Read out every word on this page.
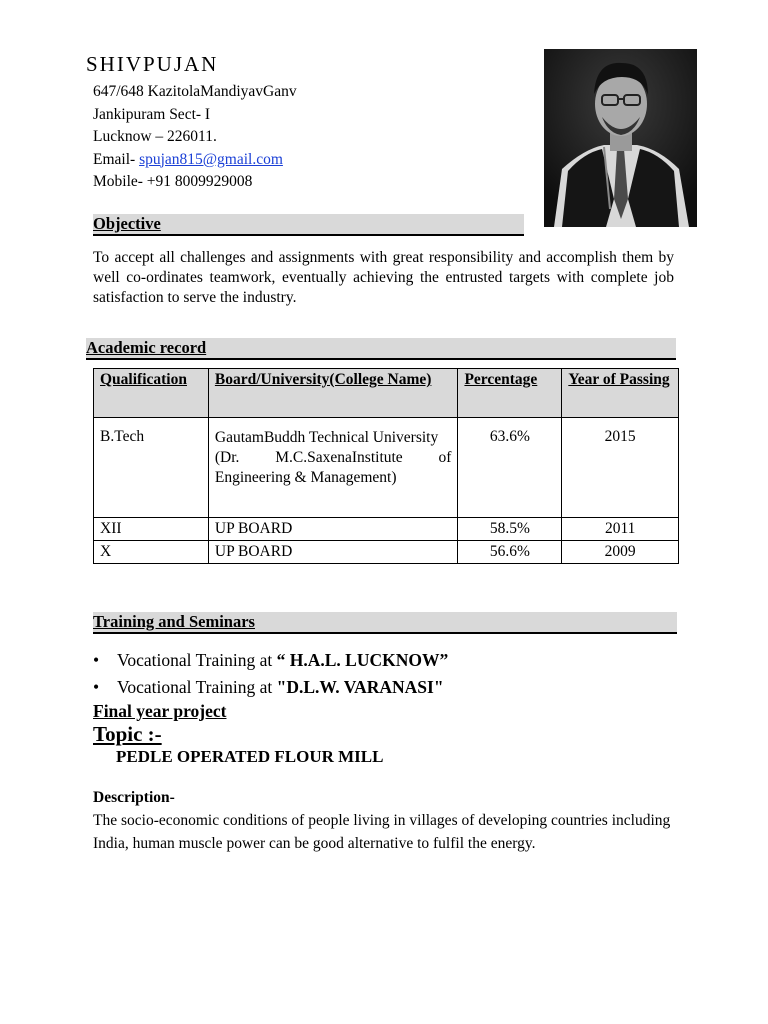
SHIVPUJAN
647/648 KazitolaMandiyavGanv
Jankipuram Sect- I
Lucknow – 226011.
Email- spujan815@gmail.com
Mobile- +91 8009929008
Objective
To accept all challenges and assignments with great responsibility and accomplish them by well co-ordinates teamwork, eventually achieving the entrusted targets with complete job satisfaction to serve the industry.
Academic record
Qualification	Board/University(College Name)	Percentage	Year of Passing
B.Tech	GautamBuddh Technical University
(Dr. M.C.SaxenaInstitute of Engineering & Management)	63.6%	2015
XII	UP BOARD	58.5%	2011
X	UP BOARD	56.6%	2009
Training and Seminars
• Vocational Training at “ H.A.L. LUCKNOW”
• Vocational Training at "D.L.W. VARANASI"
Final year project
Topic :-
PEDLE OPERATED FLOUR MILL
Description-
The socio-economic conditions of people living in villages of developing countries including India, human muscle power can be good alternative to fulfil the energy.
